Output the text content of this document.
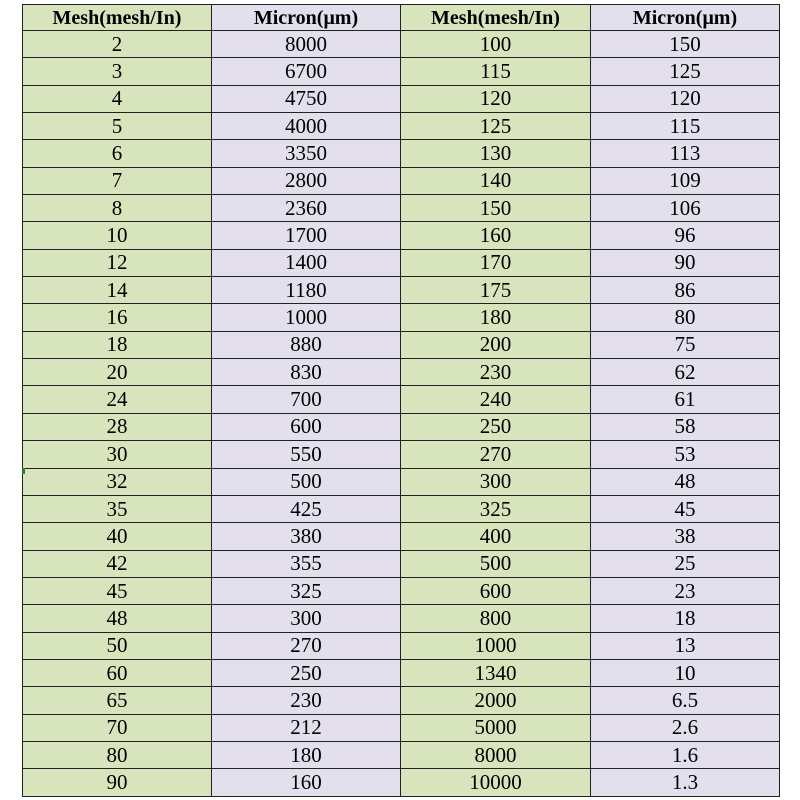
Mesh(mesh/In)	Micron(μm)	Mesh(mesh/In)	Micron(μm)
2	8000	100	150
3	6700	115	125
4	4750	120	120
5	4000	125	115
6	3350	130	113
7	2800	140	109
8	2360	150	106
10	1700	160	96
12	1400	170	90
14	1180	175	86
16	1000	180	80
18	880	200	75
20	830	230	62
24	700	240	61
28	600	250	58
30	550	270	53
32	500	300	48
35	425	325	45
40	380	400	38
42	355	500	25
45	325	600	23
48	300	800	18
50	270	1000	13
60	250	1340	10
65	230	2000	6.5
70	212	5000	2.6
80	180	8000	1.6
90	160	10000	1.3
